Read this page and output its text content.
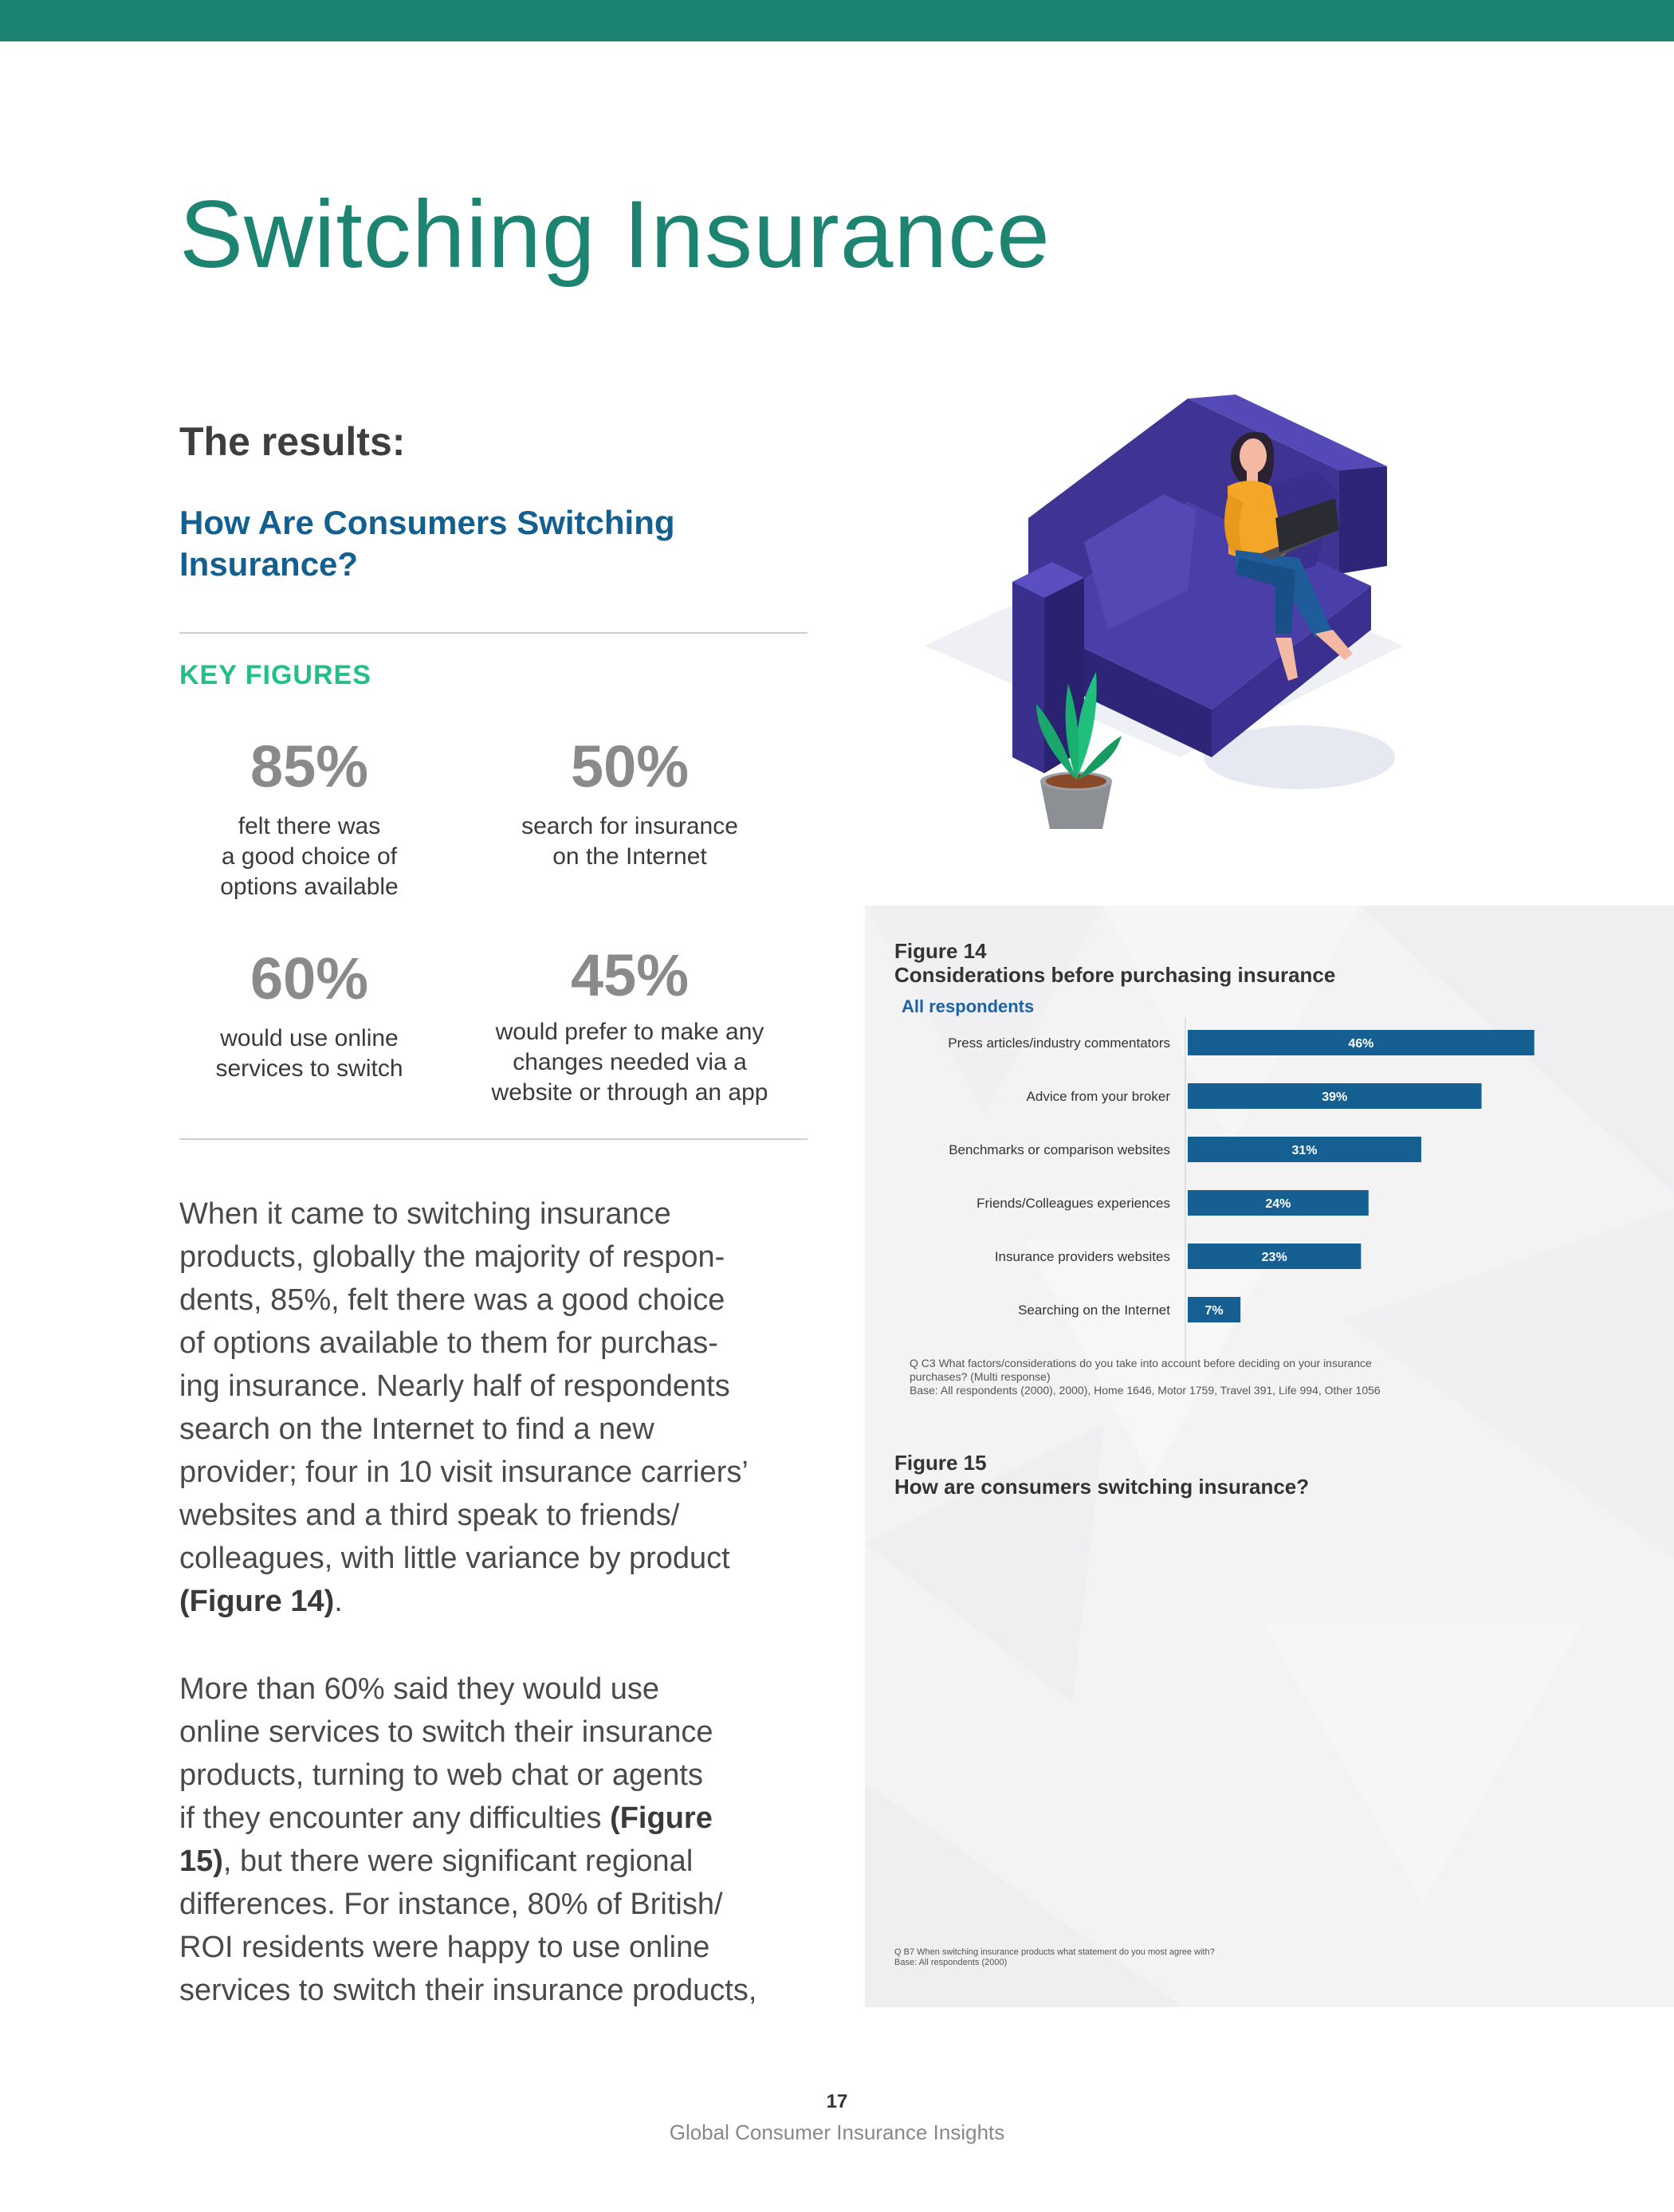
Switching Insurance
The results:
How Are Consumers Switching Insurance?
KEY FIGURES
85%
felt there was
a good choice of
options available
50%
search for insurance
on the Internet
60%
would use online
services to switch
45%
would prefer to make any
changes needed via a
website or through an app

When it came to switching insurance
products, globally the majority of respon-
dents, 85%, felt there was a good choice
of options available to them for purchas-
ing insurance. Nearly half of respondents
search on the Internet to find a new
provider; four in 10 visit insurance carriers’
websites and a third speak to friends/
colleagues, with little variance by product
(Figure 14).

More than 60% said they would use
online services to switch their insurance
products, turning to web chat or agents
if they encounter any difficulties (Figure
15), but there were significant regional
differences. For instance, 80% of British/
ROI residents were happy to use online
services to switch their insurance products,

Figure 14
Considerations before purchasing insurance
All respondents
Press articles/industry commentators	46%
Advice from your broker	39%
Benchmarks or comparison websites	31%
Friends/Colleagues experiences	24%
Insurance providers websites	23%
Searching on the Internet	7%
Q C3 What factors/considerations do you take into account before deciding on your insurance
purchases? (Multi response)
Base: All respondents (2000), 2000), Home 1646, Motor 1759, Travel 391, Life 994, Other 1056
Figure 15
How are consumers switching insurance?
Q B7 When switching insurance products what statement do you most agree with?
Base: All respondents (2000)
17
Global Consumer Insurance Insights
